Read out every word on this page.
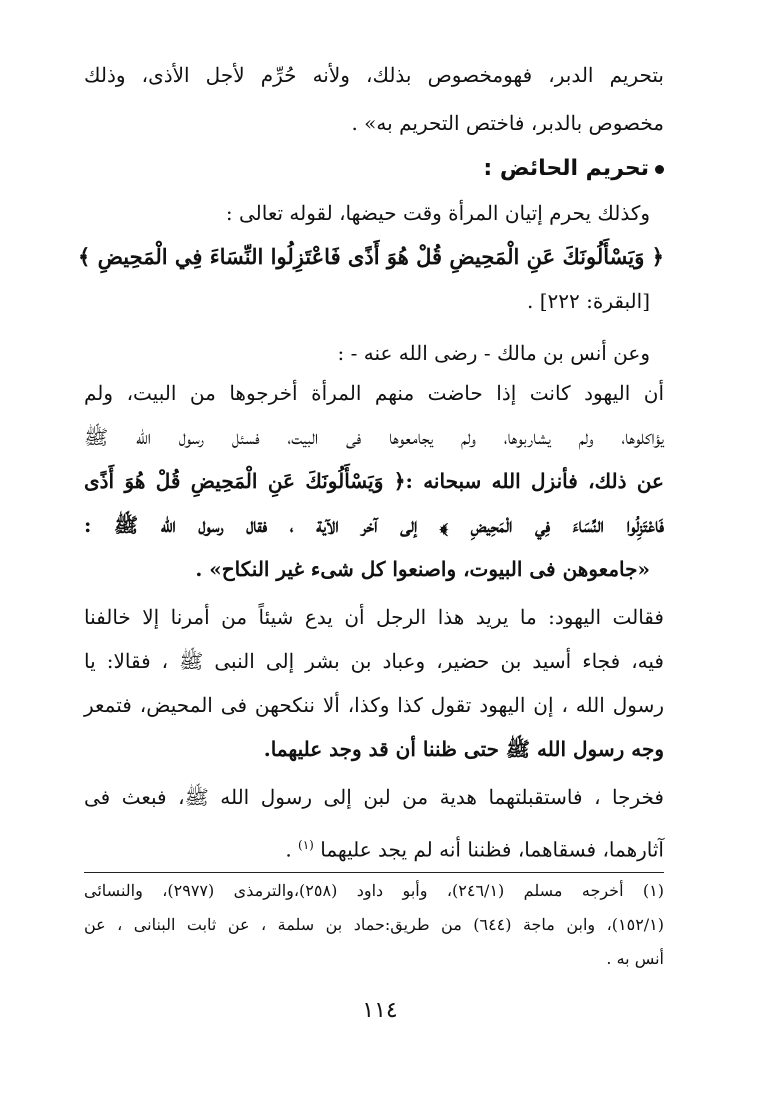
بتحريم الدبر، فهومخصوص بذلك، ولأنه حُرِّم لأجل الأذى، وذلك
مخصوص بالدبر، فاختص التحريم به» .
تحريم الحائض :
وكذلك يحرم إتيان المرأة وقت حيضها، لقوله تعالى :
﴿ وَيَسْأَلُونَكَ عَنِ الْمَحِيضِ قُلْ هُوَ أَذًى فَاعْتَزِلُوا النِّسَاءَ فِي الْمَحِيضِ ﴾
[البقرة: ٢٢٢] .
وعن أنس بن مالك - رضى الله عنه - :
أن اليهود كانت إذا حاضت منهم المرأة أخرجوها من البيت، ولم
يؤاكلوها، ولم يشاربوها، ولم يجامعوها فى البيت، فسئل رسول الله ﷺ
عن ذلك، فأنزل الله سبحانه :﴿ وَيَسْأَلُونَكَ عَنِ الْمَحِيضِ قُلْ هُوَ أَذًى
فَاعْتَزِلُوا النِّسَاءَ فِي الْمَحِيضِ ﴾ إلى آخر الآية ، فقال رسول الله ﷺ :
«جامعوهن فى البيوت، واصنعوا كل شىء غير النكاح» .
فقالت اليهود: ما يريد هذا الرجل أن يدع شيئاً من أمرنا إلا خالفنا
فيه، فجاء أسيد بن حضير، وعباد بن بشر إلى النبى ﷺ ، فقالا: يا
رسول الله ، إن اليهود تقول كذا وكذا، ألا ننكحهن فى المحيض، فتمعر
وجه رسول الله ﷺ حتى ظننا أن قد وجد عليهما.
فخرجا ، فاستقبلتهما هدية من لبن إلى رسول الله ﷺ، فبعث فى
آثارهما، فسقاهما، فظننا أنه لم يجد عليهما $^{(١)}$ .
(١) أخرجه مسلم (٢٤٦/١)، وأبو داود (٢٥٨)،والترمذى (٢٩٧٧)، والنسائى
(١٥٢/١)، وابن ماجة (٦٤٤) من طريق:حماد بن سلمة ، عن ثابت البنانى ، عن
أنس به .
١١٤
